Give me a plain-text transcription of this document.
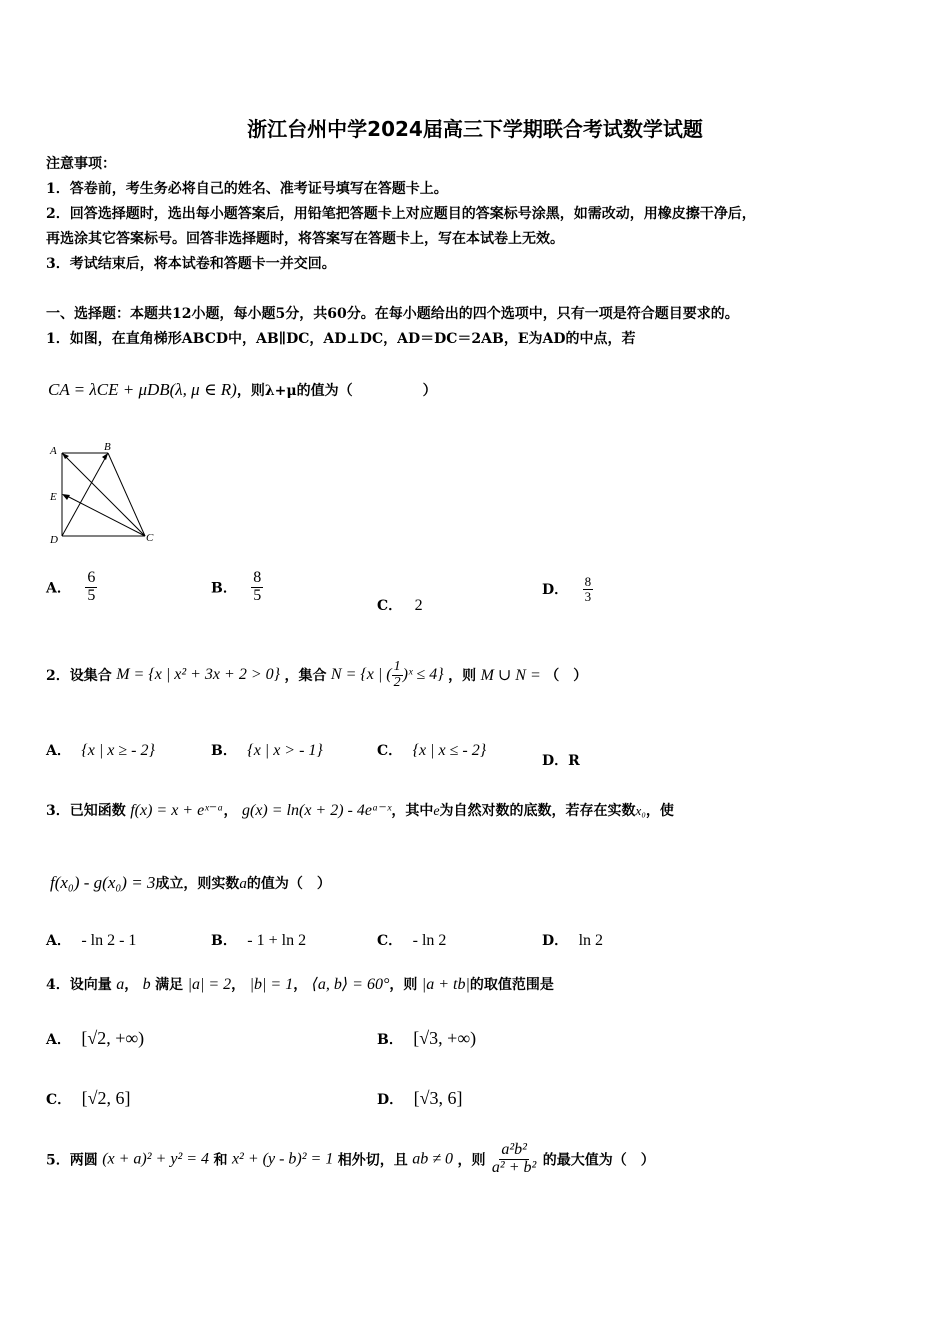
浙江台州中学2024届高三下学期联合考试数学试题
注意事项：
1．答卷前，考生务必将自己的姓名、准考证号填写在答题卡上。
2．回答选择题时，选出每小题答案后，用铅笔把答题卡上对应题目的答案标号涂黑，如需改动，用橡皮擦干净后，
再选涂其它答案标号。回答非选择题时，将答案写在答题卡上，写在本试卷上无效。
3．考试结束后，将本试卷和答题卡一并交回。
一、选择题：本题共12小题，每小题5分，共60分。在每小题给出的四个选项中，只有一项是符合题目要求的。
1．如图，在直角梯形ABCD中，AB∥DC，AD⊥DC，AD＝DC＝2AB，E为AD的中点，若
CA = λCE + μDB(λ, μ ∈ R)，则λ+μ的值为（　　　　　）
A	B
E
D	C
A． $\frac{6}{5}$	B． $\frac{8}{5}$
C． 2
D． $\frac{8}{3}$
2．设集合 M = {x | x² + 3x + 2 > 0} ，集合 N = {x | ( $\frac{1}{2}$ )ˣ ≤ 4} ，则 M ∪ N = （　）
A． {x | x ≥ - 2}	B． {x | x > - 1}	C． {x | x ≤ - 2}
D．R
3．已知函数 f(x) = x + eˣ⁻ᵃ， g(x) = ln(x + 2) - 4eᵃ⁻ˣ，其中e为自然对数的底数，若存在实数x₀，使
f(x₀) - g(x₀) = 3成立，则实数a的值为（　）
A． - ln 2 - 1	B． - 1 + ln 2	C． - ln 2	D． ln 2
4．设向量 a， b 满足 |a| = 2， |b| = 1， ⟨a, b⟩ = 60°，则 |a + tb|的取值范围是
A． [√2, +∞)	B． [√3, +∞)
C． [√2, 6]	D． [√3, 6]
5．两圆 (x + a)² + y² = 4 和 x² + (y - b)² = 1 相外切，且 ab ≠ 0 ，则 $\frac{\text{a²b²}}{\text{a² + b²}}$ 的最大值为（　）
